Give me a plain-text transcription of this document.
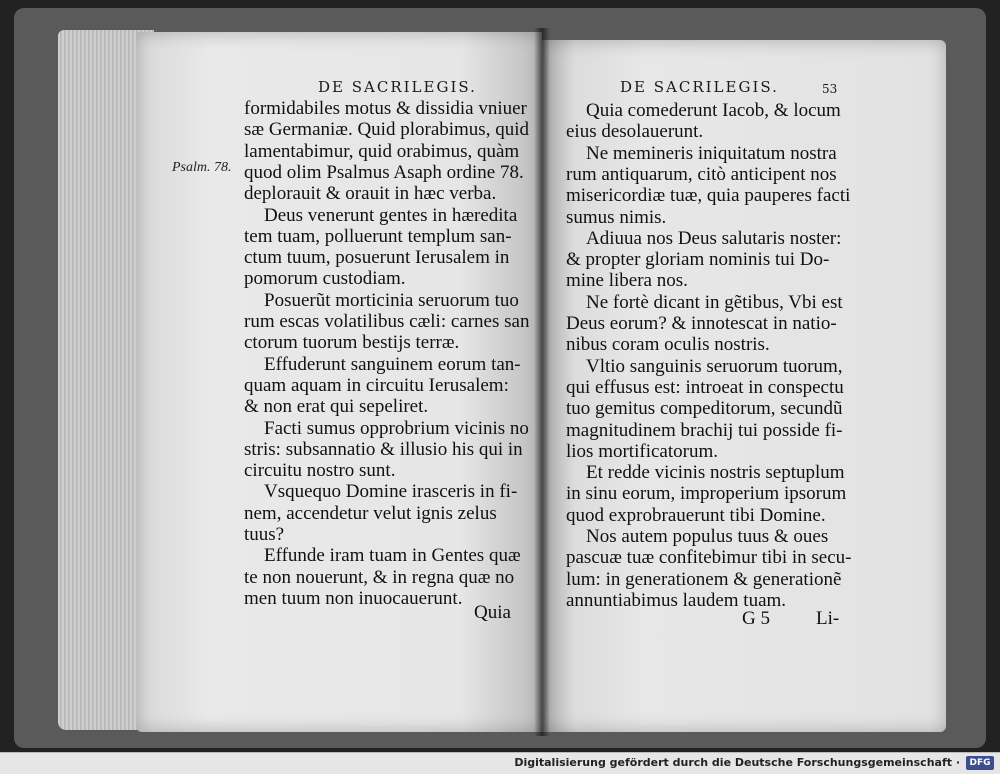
DE SACRILEGIS.
Psalm. 78.
formidabiles motus & dissidia vniuer
sæ Germaniæ. Quid plorabimus, quid
lamentabimur, quid orabimus, quàm
quod olim Psalmus Asaph ordine 78.
deplorauit & orauit in hæc verba.
Deus venerunt gentes in hæredita
tem tuam, polluerunt templum san-
ctum tuum, posuerunt Ierusalem in
pomorum custodiam.
Posuerũt morticinia seruorum tuo
rum escas volatilibus cæli: carnes san
ctorum tuorum bestijs terræ.
Effuderunt sanguinem eorum tan-
quam aquam in circuitu Ierusalem:
& non erat qui sepeliret.
Facti sumus opprobrium vicinis no
stris: subsannatio & illusio his qui in
circuitu nostro sunt.
Vsquequo Domine irasceris in fi-
nem, accendetur velut ignis zelus
tuus?
Effunde iram tuam in Gentes quæ
te non nouerunt, & in regna quæ no
men tuum non inuocauerunt.
Quia
DE SACRILEGIS.	53
Quia comederunt Iacob, & locum
eius desolauerunt.
Ne memineris iniquitatum nostra
rum antiquarum, citò anticipent nos
misericordiæ tuæ, quia pauperes facti
sumus nimis.
Adiuua nos Deus salutaris noster:
& propter gloriam nominis tui Do-
mine libera nos.
Ne fortè dicant in gẽtibus, Vbi est
Deus eorum? & innotescat in natio-
nibus coram oculis nostris.
Vltio sanguinis seruorum tuorum,
qui effusus est: introeat in conspectu
tuo gemitus compeditorum, secundũ
magnitudinem brachij tui posside fi-
lios mortificatorum.
Et redde vicinis nostris septuplum
in sinu eorum, improperium ipsorum
quod exprobrauerunt tibi Domine.
Nos autem populus tuus & oues
pascuæ tuæ confitebimur tibi in secu-
lum: in generationem & generationẽ
annuntiabimus laudem tuam.
G 5 Li-
Digitalisierung gefördert durch die Deutsche Forschungsgemeinschaft ·	DFG
